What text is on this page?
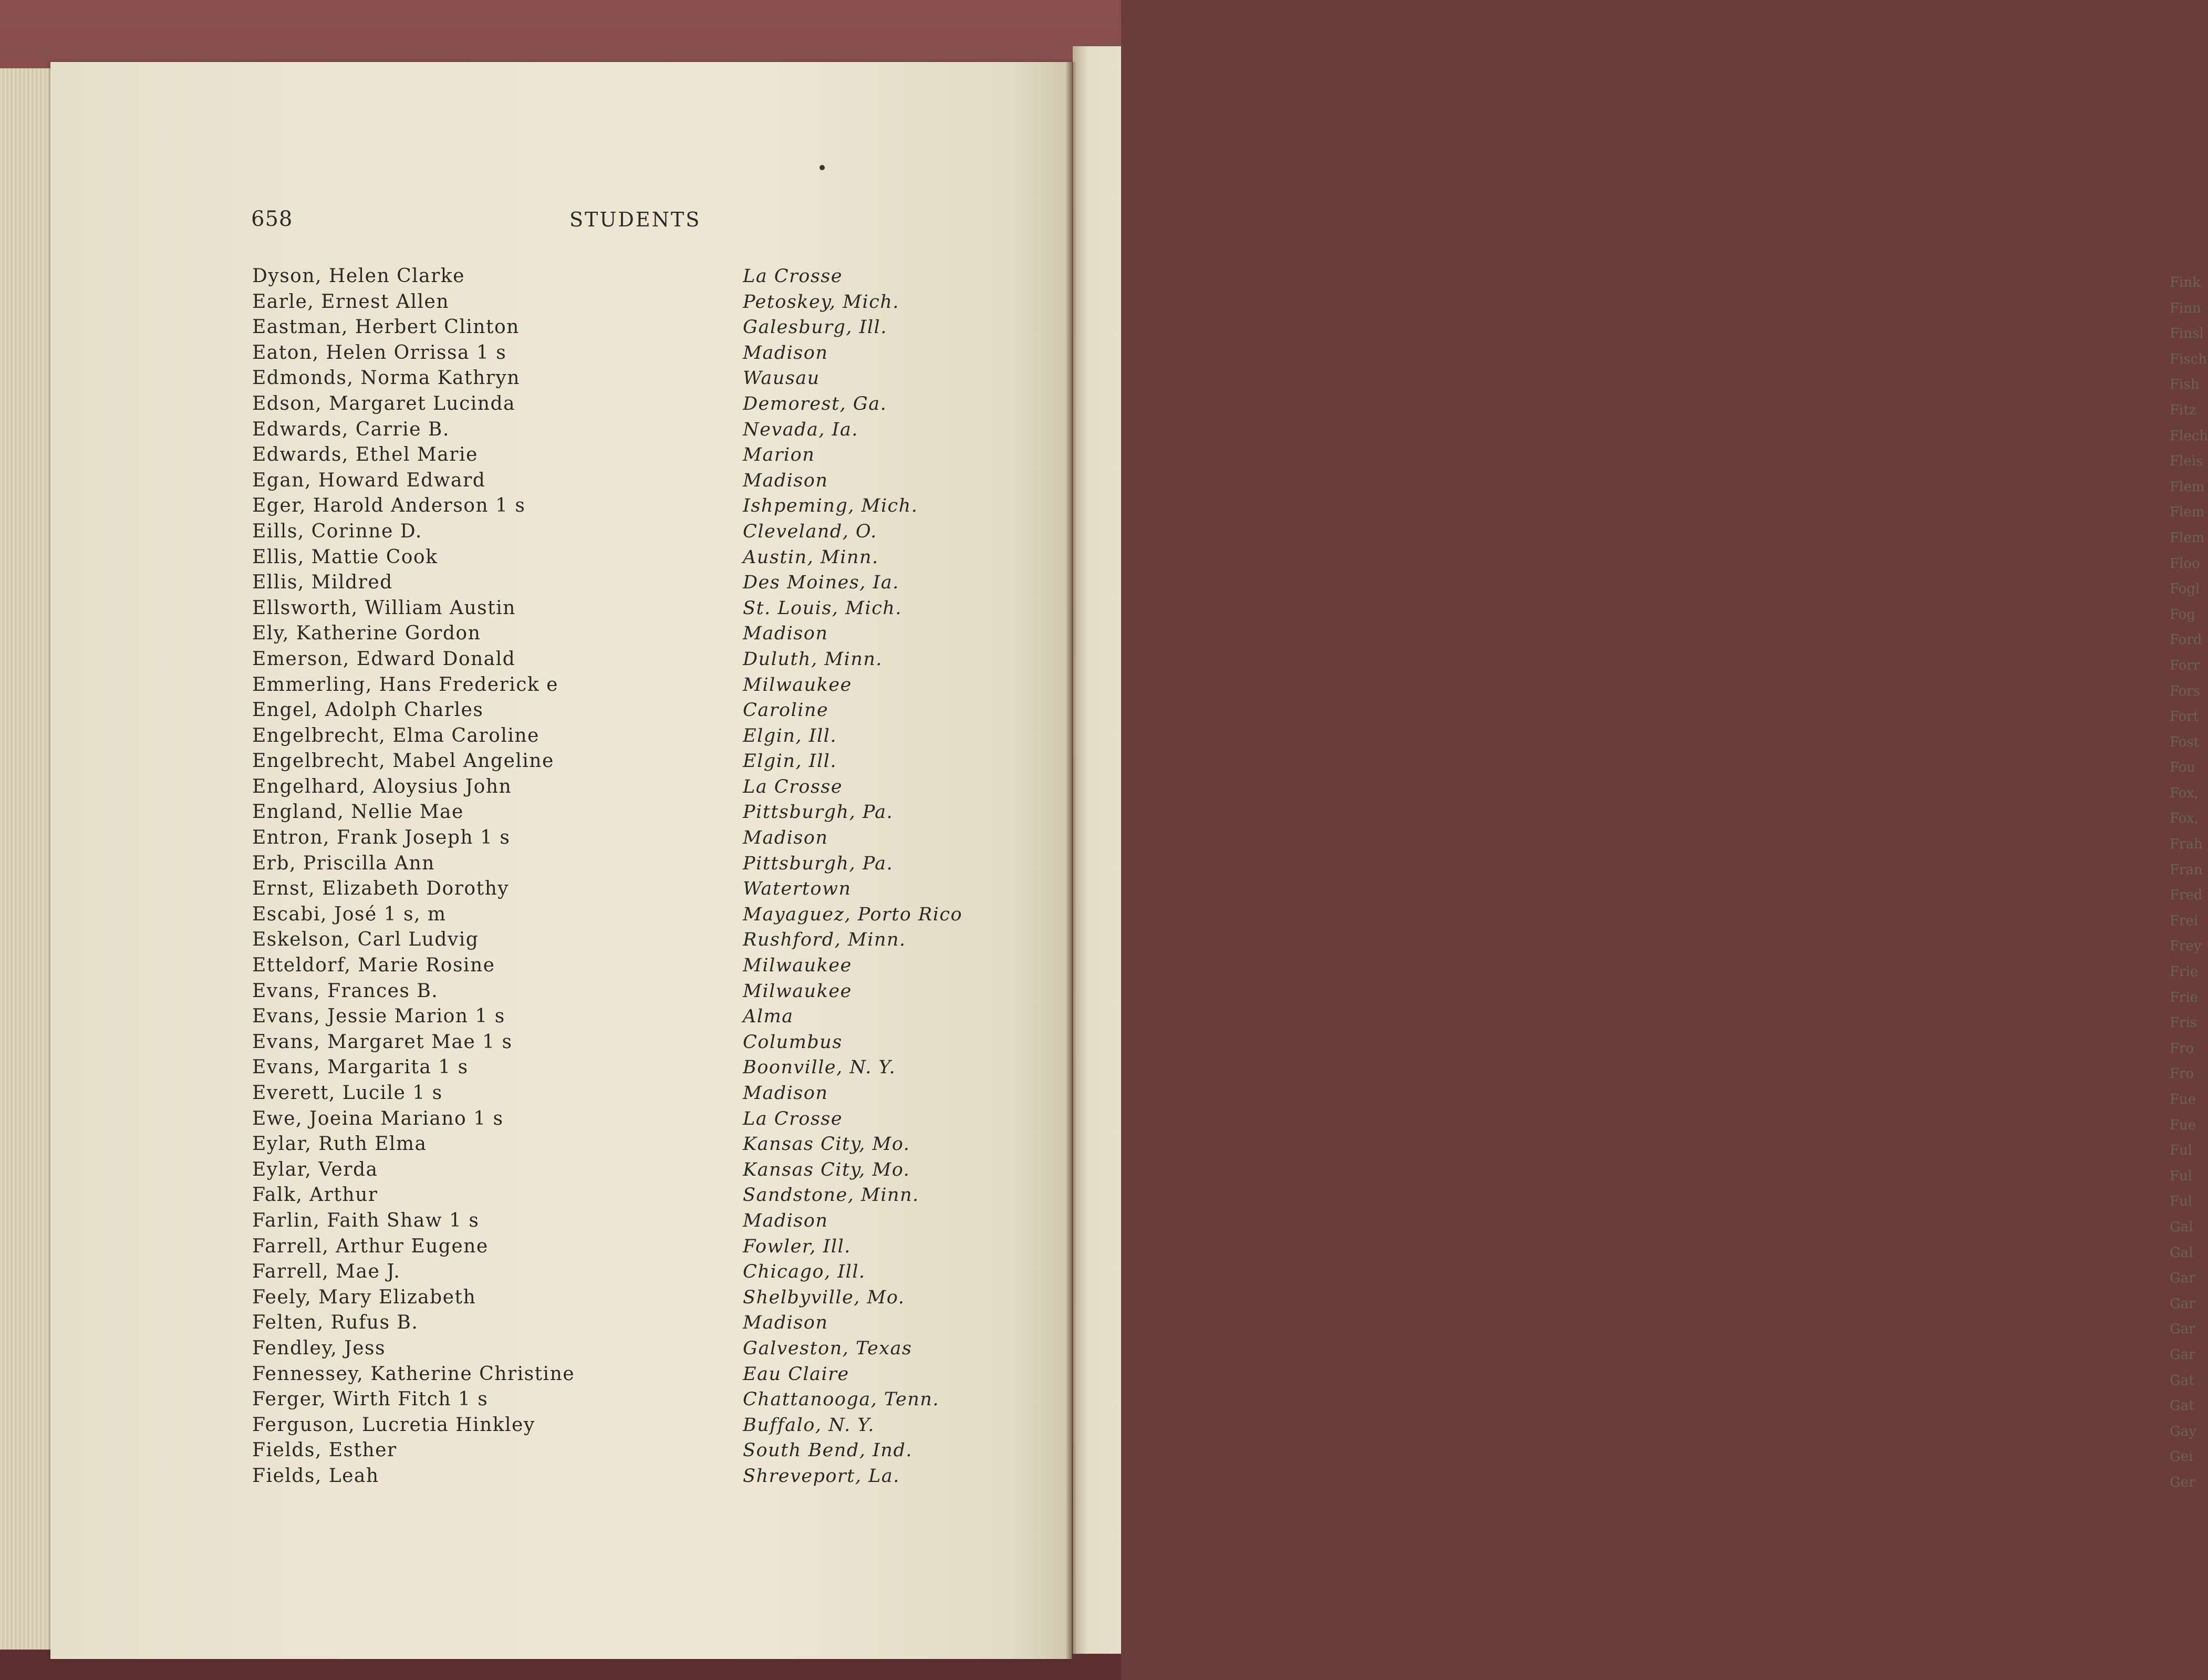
Fink
Finn
Finsl
Fisch
Fish
Fitz
Flech
Fleis
Flem
Flem
Flem
Floo
Fogl
Fog
Ford
Forr
Fors
Fort
Fost
Fou
Fox,
Fox,
Frah
Fran
Fred
Frei
Frey
Frie
Frie
Fris
Fro
Fro
Fue
Fue
Ful
Ful
Ful
Gal
Gal
Gar
Gar
Gar
Gar
Gat
Gat
Gay
Gei
Ger
658	STUDENTS
Dyson, Helen Clarke	La Crosse
Earle, Ernest Allen	Petoskey, Mich.
Eastman, Herbert Clinton	Galesburg, Ill.
Eaton, Helen Orrissa 1 s	Madison
Edmonds, Norma Kathryn	Wausau
Edson, Margaret Lucinda	Demorest, Ga.
Edwards, Carrie B.	Nevada, Ia.
Edwards, Ethel Marie	Marion
Egan, Howard Edward	Madison
Eger, Harold Anderson 1 s	Ishpeming, Mich.
Eills, Corinne D.	Cleveland, O.
Ellis, Mattie Cook	Austin, Minn.
Ellis, Mildred	Des Moines, Ia.
Ellsworth, William Austin	St. Louis, Mich.
Ely, Katherine Gordon	Madison
Emerson, Edward Donald	Duluth, Minn.
Emmerling, Hans Frederick e	Milwaukee
Engel, Adolph Charles	Caroline
Engelbrecht, Elma Caroline	Elgin, Ill.
Engelbrecht, Mabel Angeline	Elgin, Ill.
Engelhard, Aloysius John	La Crosse
England, Nellie Mae	Pittsburgh, Pa.
Entron, Frank Joseph 1 s	Madison
Erb, Priscilla Ann	Pittsburgh, Pa.
Ernst, Elizabeth Dorothy	Watertown
Escabi, José 1 s, m	Mayaguez, Porto Rico
Eskelson, Carl Ludvig	Rushford, Minn.
Etteldorf, Marie Rosine	Milwaukee
Evans, Frances B.	Milwaukee
Evans, Jessie Marion 1 s	Alma
Evans, Margaret Mae 1 s	Columbus
Evans, Margarita 1 s	Boonville, N. Y.
Everett, Lucile 1 s	Madison
Ewe, Joeina Mariano 1 s	La Crosse
Eylar, Ruth Elma	Kansas City, Mo.
Eylar, Verda	Kansas City, Mo.
Falk, Arthur	Sandstone, Minn.
Farlin, Faith Shaw 1 s	Madison
Farrell, Arthur Eugene	Fowler, Ill.
Farrell, Mae J.	Chicago, Ill.
Feely, Mary Elizabeth	Shelbyville, Mo.
Felten, Rufus B.	Madison
Fendley, Jess	Galveston, Texas
Fennessey, Katherine Christine	Eau Claire
Ferger, Wirth Fitch 1 s	Chattanooga, Tenn.
Ferguson, Lucretia Hinkley	Buffalo, N. Y.
Fields, Esther	South Bend, Ind.
Fields, Leah	Shreveport, La.
